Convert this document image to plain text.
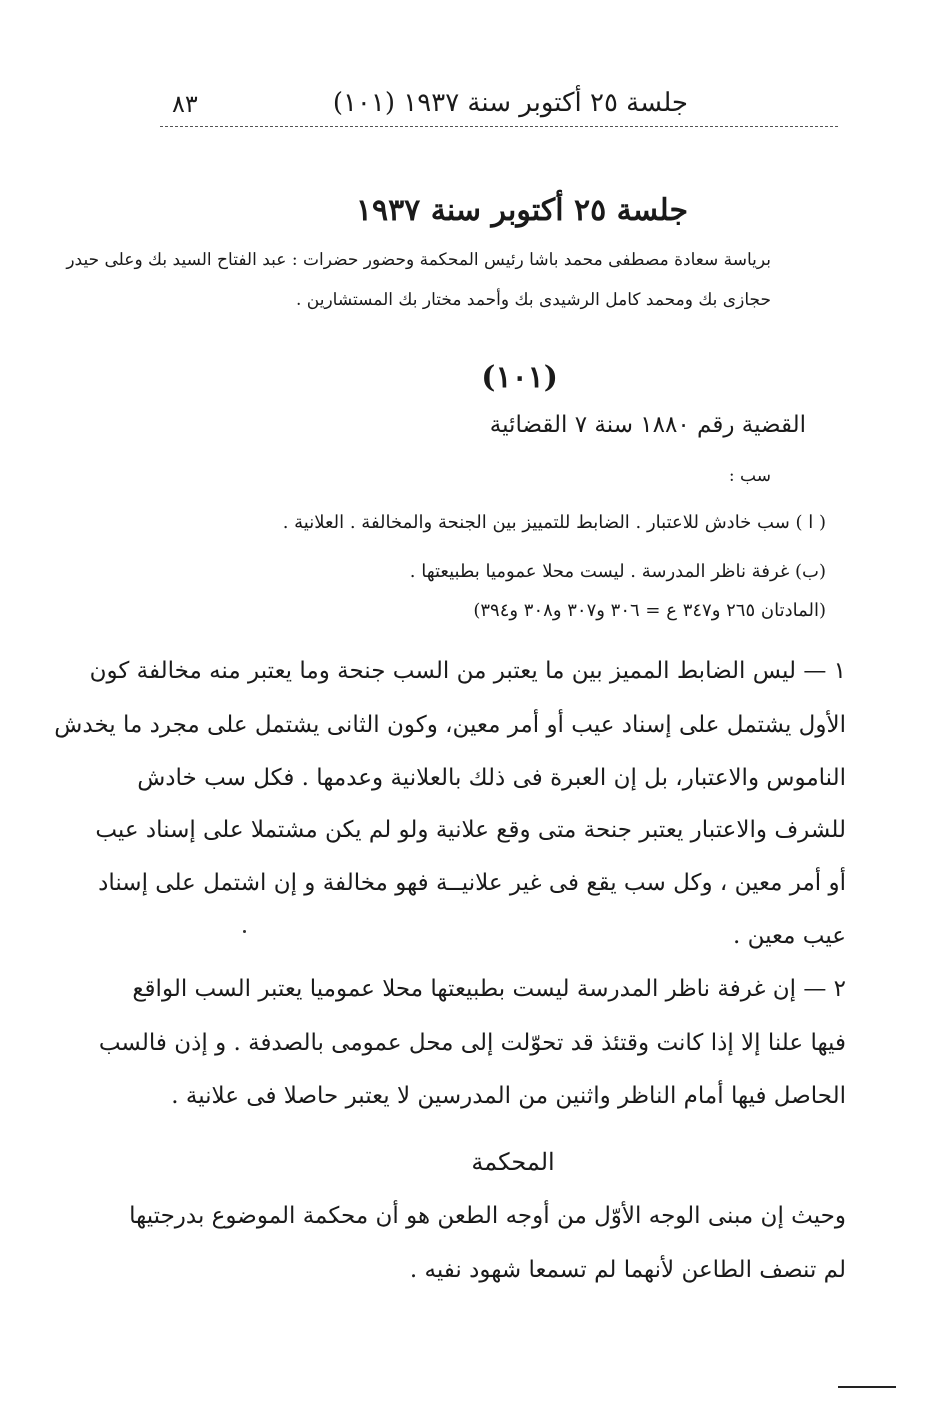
٨٣	جلسة ٢٥ أكتوبر سنة ١٩٣٧ (١٠١)
جلسة ٢٥ أكتوبر سنة ١٩٣٧
برياسة سعادة مصطفى محمد باشا رئيس المحكمة وحضور حضرات : عبد الفتاح السيد بك وعلى حيدر
حجازى بك ومحمد كامل الرشيدى بك وأحمد مختار بك المستشارين .
(١٠١)
القضية رقم ١٨٨٠ سنة ٧ القضائية
سب :
( ا ) سب خادش للاعتبار . الضابط للتمييز بين الجنحة والمخالفة . العلانية .
(ب) غرفة ناظر المدرسة . ليست محلا عموميا بطبيعتها .
(المادتان ٢٦٥ و٣٤٧ ع = ٣٠٦ و٣٠٧ و٣٠٨ و٣٩٤)
١ — ليس الضابط المميز بين ما يعتبر من السب جنحة وما يعتبر منه مخالفة كون
الأول يشتمل على إسناد عيب أو أمر معين، وكون الثانى يشتمل على مجرد ما يخدش
الناموس والاعتبار، بل إن العبرة فى ذلك بالعلانية وعدمها . فكل سب خادش
للشرف والاعتبار يعتبر جنحة متى وقع علانية ولو لم يكن مشتملا على إسناد عيب
أو أمر معين ، وكل سب يقع فى غير علانيــة فهو مخالفة و إن اشتمل على إسناد
عيب معين .
٢ — إن غرفة ناظر المدرسة ليست بطبيعتها محلا عموميا يعتبر السب الواقع
فيها علنا إلا إذا كانت وقتئذ قد تحوّلت إلى محل عمومى بالصدفة . و إذن فالسب
الحاصل فيها أمام الناظر واثنين من المدرسين لا يعتبر حاصلا فى علانية .
المحكمة
وحيث إن مبنى الوجه الأوّل من أوجه الطعن هو أن محكمة الموضوع بدرجتيها
لم تنصف الطاعن لأنهما لم تسمعا شهود نفيه .
